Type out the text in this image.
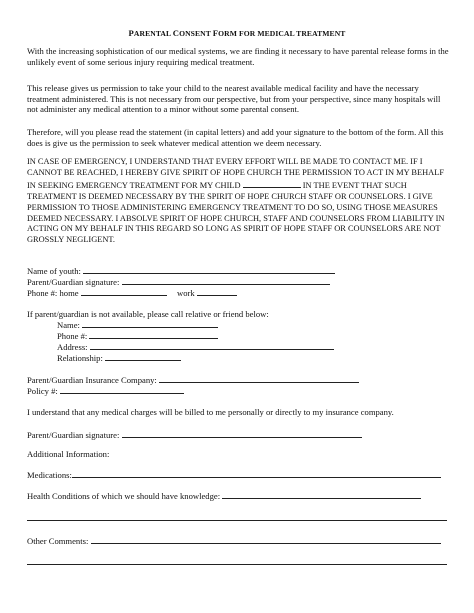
PARENTAL CONSENT FORM FOR MEDICAL TREATMENT

With the increasing sophistication of our medical systems, we are finding it necessary to have parental release forms in the unlikely event of some serious injury requiring medical treatment.

This release gives us permission to take your child to the nearest available medical facility and have the necessary treatment administered. This is not necessary from our perspective, but from your perspective, since many hospitals will not administer any medical attention to a minor without some parental consent.

Therefore, will you please read the statement (in capital letters) and add your signature to the bottom of the form. All this does is give us the permission to seek whatever medical attention we deem necessary.

IN CASE OF EMERGENCY, I UNDERSTAND THAT EVERY EFFORT WILL BE MADE TO CONTACT ME. IF I CANNOT BE REACHED, I HEREBY GIVE SPIRIT OF HOPE CHURCH THE PERMISSION TO ACT IN MY BEHALF IN SEEKING EMERGENCY TREATMENT FOR MY CHILD	IN THE EVENT THAT SUCH TREATMENT IS DEEMED NECESSARY BY THE SPIRIT OF HOPE CHURCH STAFF OR COUNSELORS. I GIVE PERMISSION TO THOSE ADMINISTERING EMERGENCY TREATMENT TO DO SO, USING THOSE MEASURES DEEMED NECESSARY. I ABSOLVE SPIRIT OF HOPE CHURCH, STAFF AND COUNSELORS FROM LIABILITY IN ACTING ON MY BEHALF IN THIS REGARD SO LONG AS SPIRIT OF HOPE STAFF OR COUNSELORS ARE NOT GROSSLY NEGLIGENT.

Name of youth:
Parent/Guardian signature:
Phone #: home	work
If parent/guardian is not available, please call relative or friend below:
Name:
Phone #:
Address:
Relationship:
Parent/Guardian Insurance Company:
Policy #:
I understand that any medical charges will be billed to me personally or directly to my insurance company.
Parent/Guardian signature:
Additional Information:
Medications:
Health Conditions of which we should have knowledge:
Other Comments:
